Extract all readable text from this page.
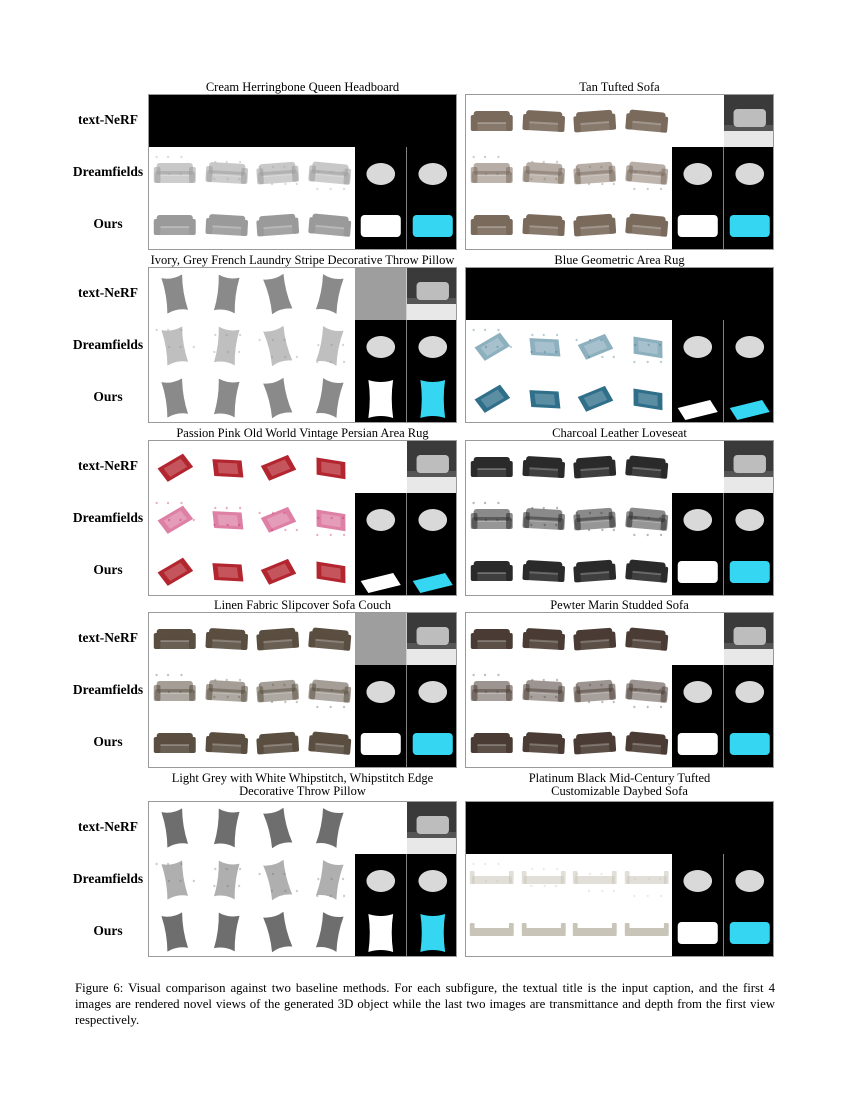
Cream Herringbone Queen Headboard	Tan Tufted Sofa
Ivory, Grey French Laundry Stripe Decorative Throw Pillow	Blue Geometric Area Rug
Passion Pink Old World Vintage Persian Area Rug	Charcoal Leather Loveseat
Linen Fabric Slipcover Sofa Couch	Pewter Marin Studded Sofa
Light Grey with White Whipstitch, Whipstitch Edge
Decorative Throw Pillow
Platinum Black Mid-Century Tufted
Customizable Daybed Sofa
text-NeRF
Dreamfields
Ours
text-NeRF
Dreamfields
Ours
text-NeRF
Dreamfields
Ours
text-NeRF
Dreamfields
Ours
text-NeRF
Dreamfields
Ours

Figure 6: Visual comparison against two baseline methods. For each subfigure, the textual title is the input caption, and the first 4 images are rendered novel views of the generated 3D object while the last two images are transmittance and depth from the first view respectively.
